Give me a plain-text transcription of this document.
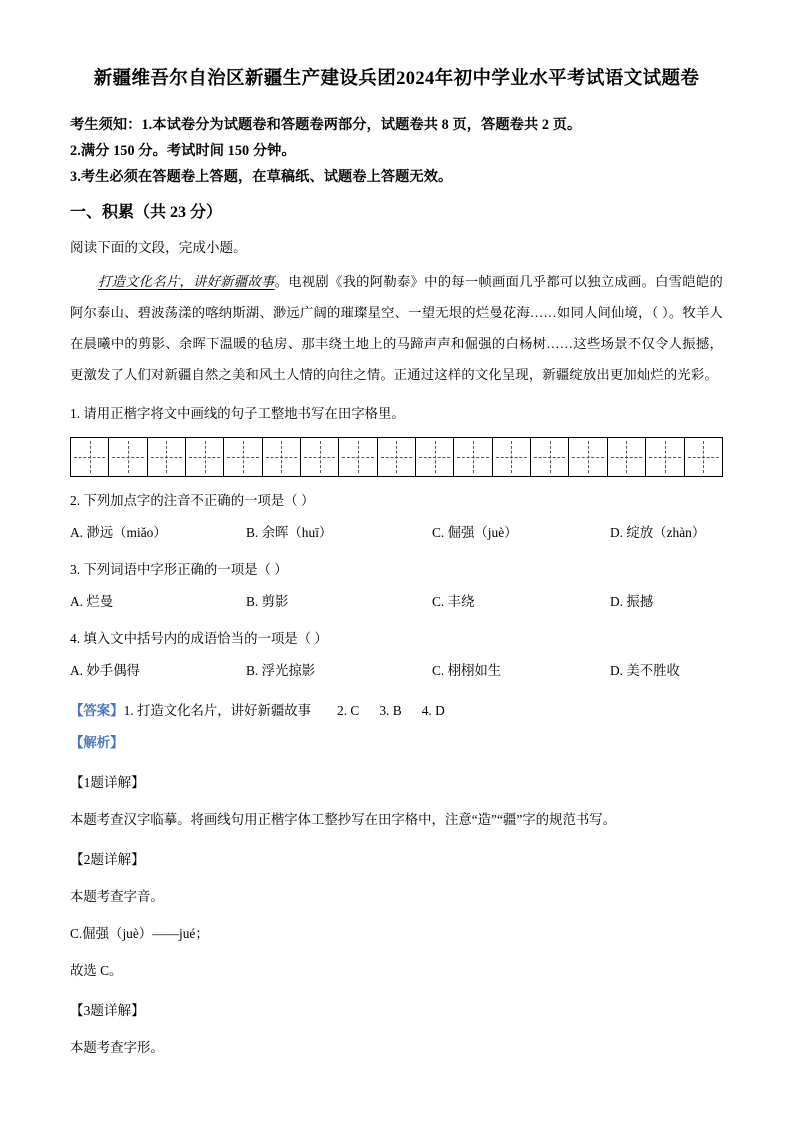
新疆维吾尔自治区新疆生产建设兵团2024年初中学业水平考试语文试题卷
考生须知：1.本试卷分为试题卷和答题卷两部分，试题卷共 8 页，答题卷共 2 页。
2.满分 150 分。考试时间 150 分钟。
3.考生必须在答题卷上答题，在草稿纸、试题卷上答题无效。
一、积累（共 23 分）
阅读下面的文段，完成小题。
打造文化名片，讲好新疆故事。电视剧《我的阿勒泰》中的每一帧画面几乎都可以独立成画。白雪皑皑的阿尔泰山、碧波荡漾的喀纳斯湖、渺远广阔的璀璨星空、一望无垠的烂曼花海……如同人间仙境，（ ）。牧羊人在晨曦中的剪影、余晖下温暖的毡房、那丰绕土地上的马蹄声声和倔强的白杨树……这些场景不仅令人振撼，更激发了人们对新疆自然之美和风土人情的向往之情。正通过这样的文化呈现，新疆绽放出更加灿烂的光彩。
1. 请用正楷字将文中画线的句子工整地书写在田字格里。

2. 下列加点字的注音不正确的一项是（ ）
A. 渺远（miǎo）	B. 余晖（huī）	C. 倔强（juè）	D. 绽放（zhàn）
3. 下列词语中字形正确的一项是（ ）
A. 烂曼	B. 剪影	C. 丰绕	D. 振撼
4. 填入文中括号内的成语恰当的一项是（ ）
A. 妙手偶得	B. 浮光掠影	C. 栩栩如生	D. 美不胜收
【答案】1. 打造文化名片，讲好新疆故事 2. C 3. B 4. D
【解析】
【1题详解】
本题考查汉字临摹。将画线句用正楷字体工整抄写在田字格中，注意“造”“疆”字的规范书写。
【2题详解】
本题考查字音。
C.倔强（juè）——jué；
故选 C。
【3题详解】
本题考查字形。
